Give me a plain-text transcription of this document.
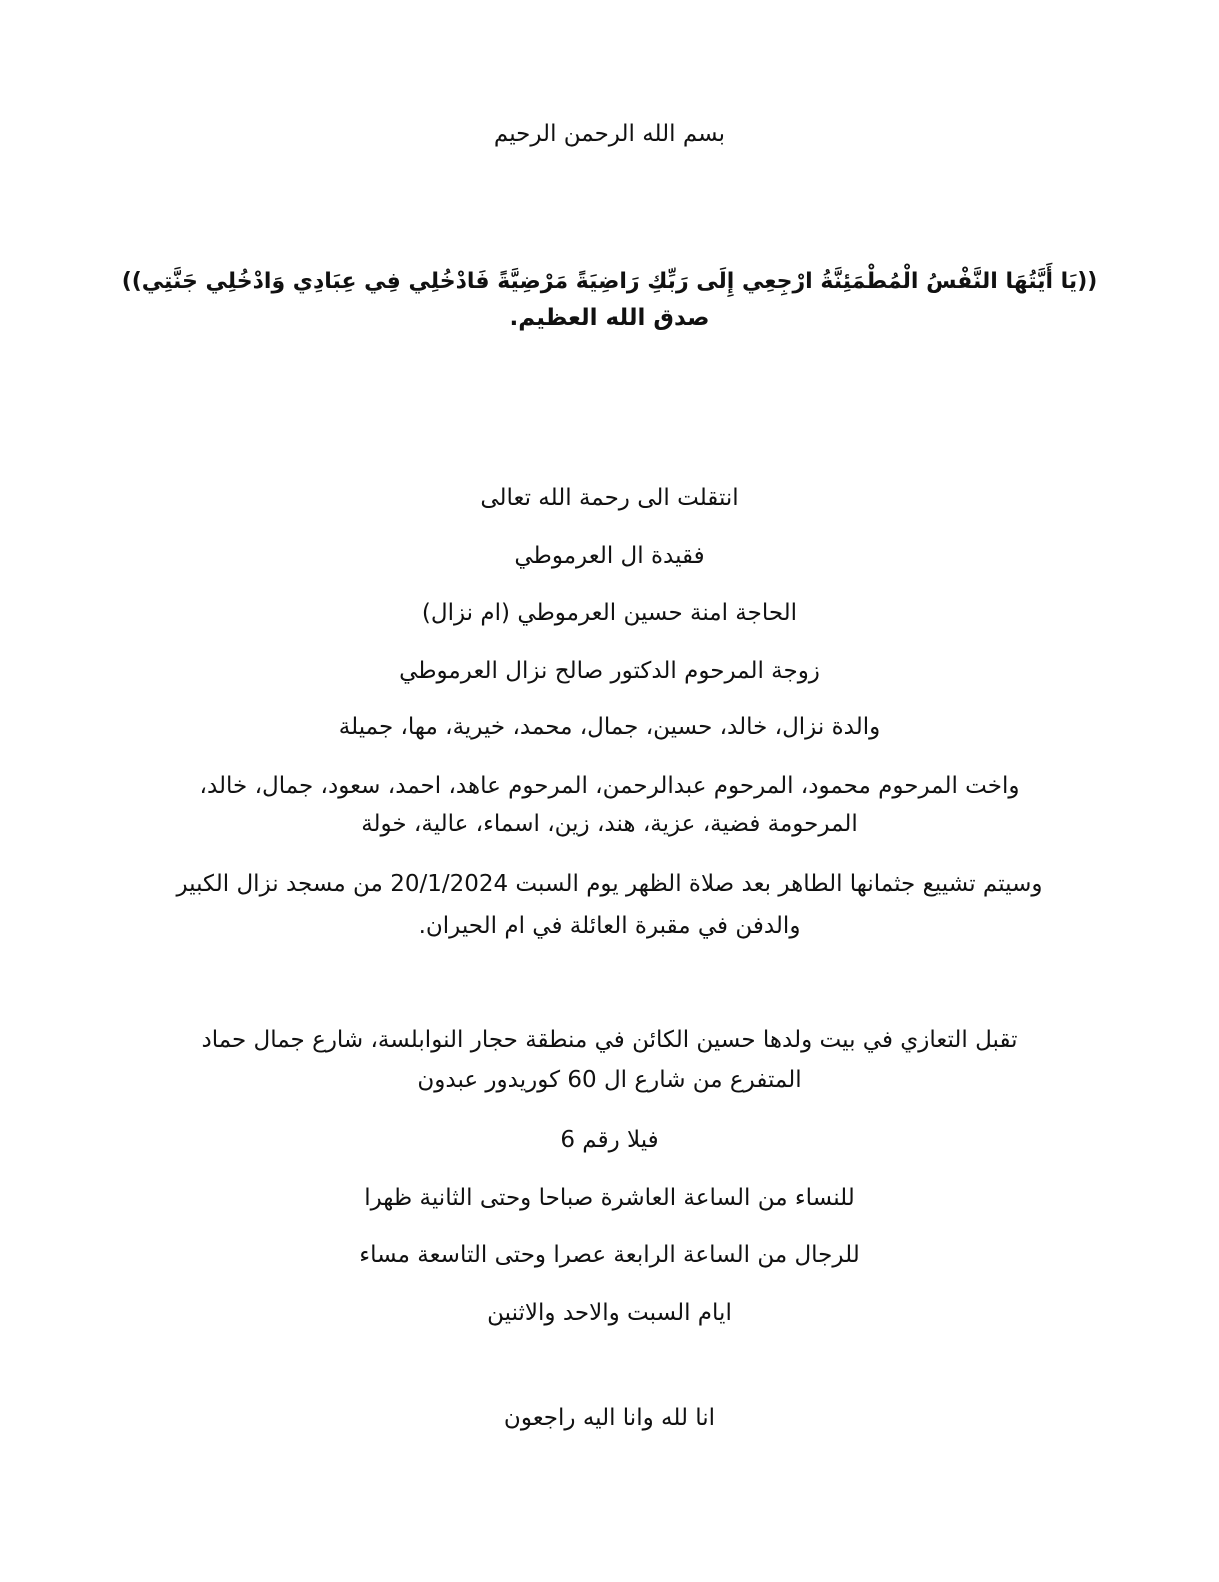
بسم الله الرحمن الرحيم

((يَا أَيَّتُهَا النَّفْسُ الْمُطْمَئِنَّةُ ارْجِعِي إِلَى رَبِّكِ رَاضِيَةً مَرْضِيَّةً فَادْخُلِي فِي عِبَادِي وَادْخُلِي جَنَّتِي))

صدق الله العظيم.

انتقلت الى رحمة الله تعالى

فقيدة ال العرموطي

الحاجة امنة حسين العرموطي (ام نزال)

زوجة المرحوم الدكتور صالح نزال العرموطي

والدة نزال، خالد، حسين، جمال، محمد، خيرية، مها، جميلة

واخت المرحوم محمود، المرحوم عبدالرحمن، المرحوم عاهد، احمد، سعود، جمال، خالد،

المرحومة فضية، عزية، هند، زين، اسماء، عالية، خولة

وسيتم تشييع جثمانها الطاهر بعد صلاة الظهر يوم السبت 20/1/2024 من مسجد نزال الكبير

والدفن في مقبرة العائلة في ام الحيران.

تقبل التعازي في بيت ولدها حسين الكائن في منطقة حجار النوابلسة، شارع جمال حماد

المتفرع من شارع ال 60 كوريدور عبدون

فيلا رقم 6

للنساء من الساعة العاشرة صباحا وحتى الثانية ظهرا

للرجال من الساعة الرابعة عصرا وحتى التاسعة مساء

ايام السبت والاحد والاثنين

انا لله وانا اليه راجعون
